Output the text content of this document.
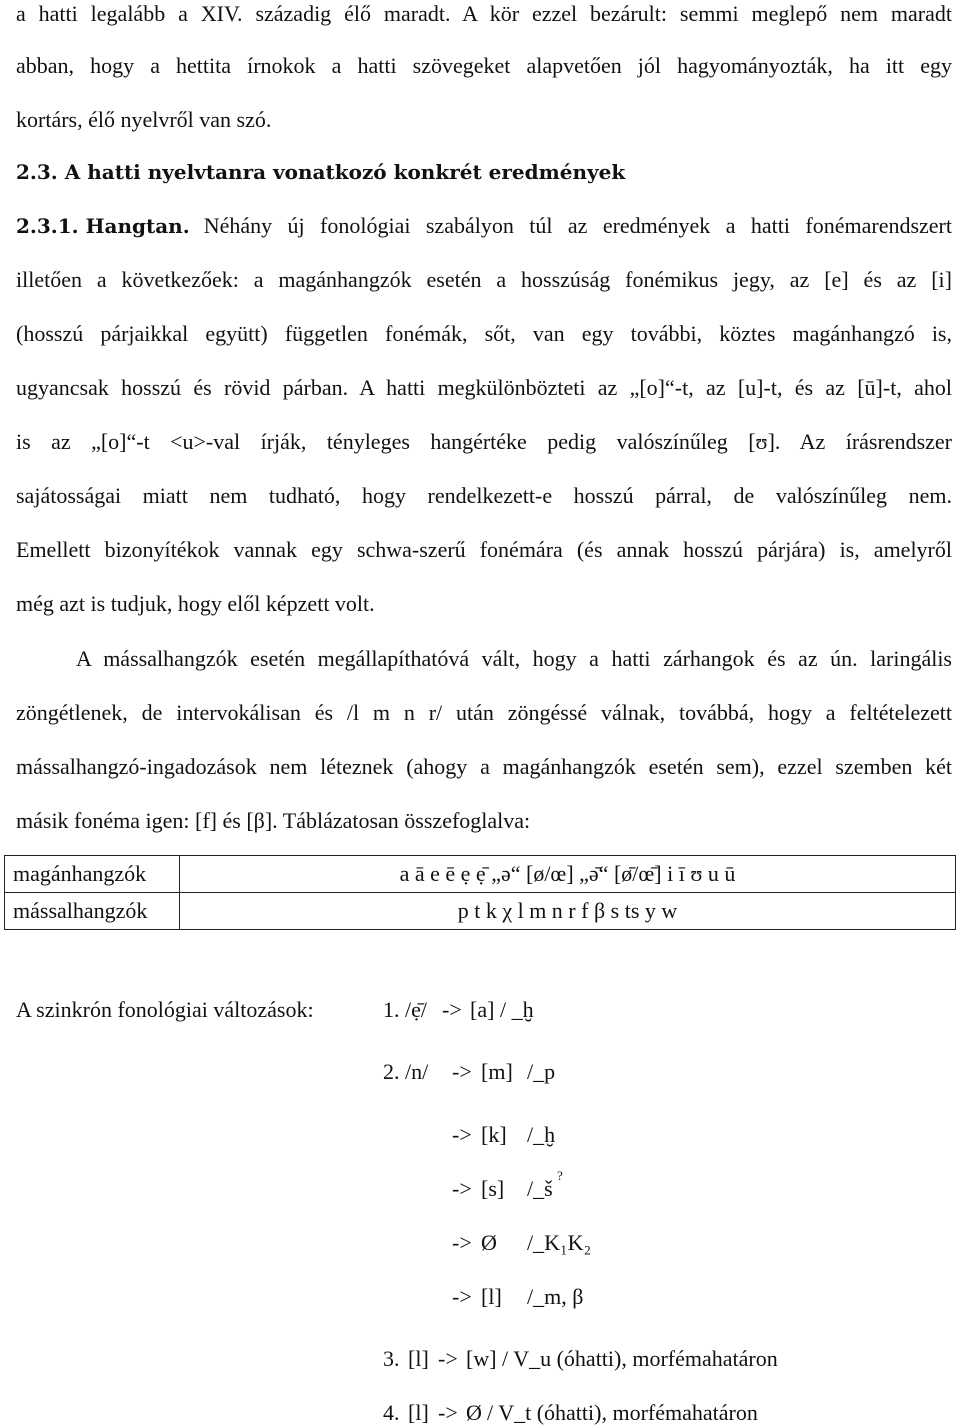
a hatti legalább a XIV. századig élő maradt. A kör ezzel bezárult: semmi meglepő nem maradt
abban, hogy a hettita írnokok a hatti szövegeket alapvetően jól hagyományozták, ha itt egy
kortárs, élő nyelvről van szó.
2.3. A hatti nyelvtanra vonatkozó konkrét eredmények
2.3.1. Hangtan. Néhány új fonológiai szabályon túl az eredmények a hatti fonémarendszert
illetően a következőek: a magánhangzók esetén a hosszúság fonémikus jegy, az [e] és az [i]
(hosszú párjaikkal együtt) független fonémák, sőt, van egy további, köztes magánhangzó is,
ugyancsak hosszú és rövid párban. A hatti megkülönbözteti az „[o]“-t, az [u]-t, és az [ū]-t, ahol
is az „[o]“-t <u>-val írják, tényleges hangértéke pedig valószínűleg [ʊ]. Az írásrendszer
sajátosságai miatt nem tudható, hogy rendelkezett-e hosszú párral, de valószínűleg nem.
Emellett bizonyítékok vannak egy schwa-szerű fonémára (és annak hosszú párjára) is, amelyről
még azt is tudjuk, hogy elől képzett volt.
A mássalhangzók esetén megállapíthatóvá vált, hogy a hatti zárhangok és az ún. laringális
zöngétlenek, de intervokálisan és /l m n r/ után zöngéssé válnak, továbbá, hogy a feltételezett
mássalhangzó-ingadozások nem léteznek (ahogy a magánhangzók esetén sem), ezzel szemben két
másik fonéma igen: [f] és [β]. Táblázatosan összefoglalva:
magánhangzók	a ā e ē ẹ ẹ̄ „ə“ [ø/œ] „ə̄“ [ø̄/œ̄] i ī ʊ u ū
mássalhangzók	p t k χ l m n r f β s ts y w
A szinkrón fonológiai változások:	1. /ẹ̄/ -> [a] / _ḫ
2. /n/ -> [m] /_p
-> [k] /_ḫ
-> [s] /_š
?
-> Ø /_K₁K₂
-> [l] /_m, β
3. [l] -> [w] / V_u (óhatti), morfémahatáron
4. [l] -> Ø / V_t (óhatti), morfémahatáron
